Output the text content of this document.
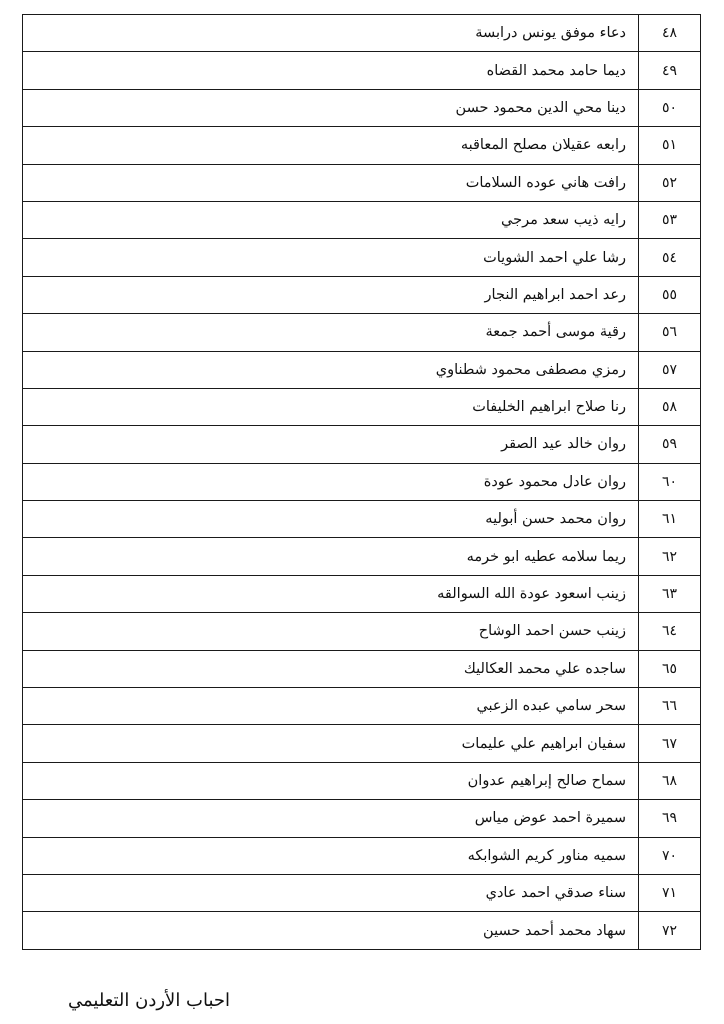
٤٨	دعاء موفق يونس درابسة
٤٩	ديما حامد محمد القضاه
٥٠	دينا محي الدين محمود حسن
٥١	رابعه عقيلان مصلح المعاقبه
٥٢	رافت هاني عوده السلامات
٥٣	رايه ذيب سعد مرجي
٥٤	رشا علي احمد الشويات
٥٥	رعد احمد ابراهيم النجار
٥٦	رقية موسى أحمد جمعة
٥٧	رمزي مصطفى محمود شطناوي
٥٨	رنا صلاح ابراهيم الخليفات
٥٩	روان خالد عيد الصقر
٦٠	روان عادل محمود عودة
٦١	روان محمد حسن أبوليه
٦٢	ريما سلامه عطيه ابو خرمه
٦٣	زينب اسعود عودة الله السوالقه
٦٤	زينب حسن احمد الوشاح
٦٥	ساجده علي محمد العكاليك
٦٦	سحر سامي عبده الزعبي
٦٧	سفيان ابراهيم علي عليمات
٦٨	سماح صالح إبراهيم عدوان
٦٩	سميرة احمد عوض مياس
٧٠	سميه مناور كريم الشوابكه
٧١	سناء صدقي احمد عادي
٧٢	سهاد محمد أحمد حسين
احباب الأردن التعليمي
